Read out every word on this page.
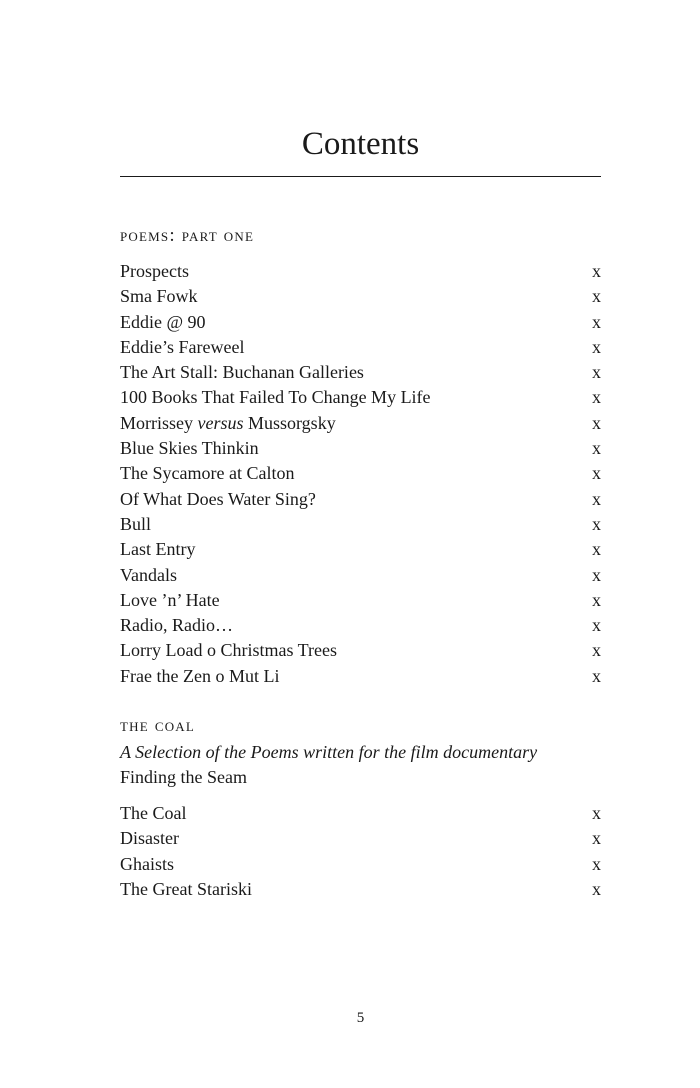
Contents
poems: part one
Prospects	x
Sma Fowk	x
Eddie @ 90	x
Eddie’s Fareweel	x
The Art Stall: Buchanan Galleries	x
100 Books That Failed To Change My Life	x
Morrissey versus Mussorgsky	x
Blue Skies Thinkin	x
The Sycamore at Calton	x
Of What Does Water Sing?	x
Bull	x
Last Entry	x
Vandals	x
Love ’n’ Hate	x
Radio, Radio…	x
Lorry Load o Christmas Trees	x
Frae the Zen o Mut Li	x
the coal
A Selection of the Poems written for the film documentary
Finding the Seam
The Coal	x
Disaster	x
Ghaists	x
The Great Stariski	x
5
